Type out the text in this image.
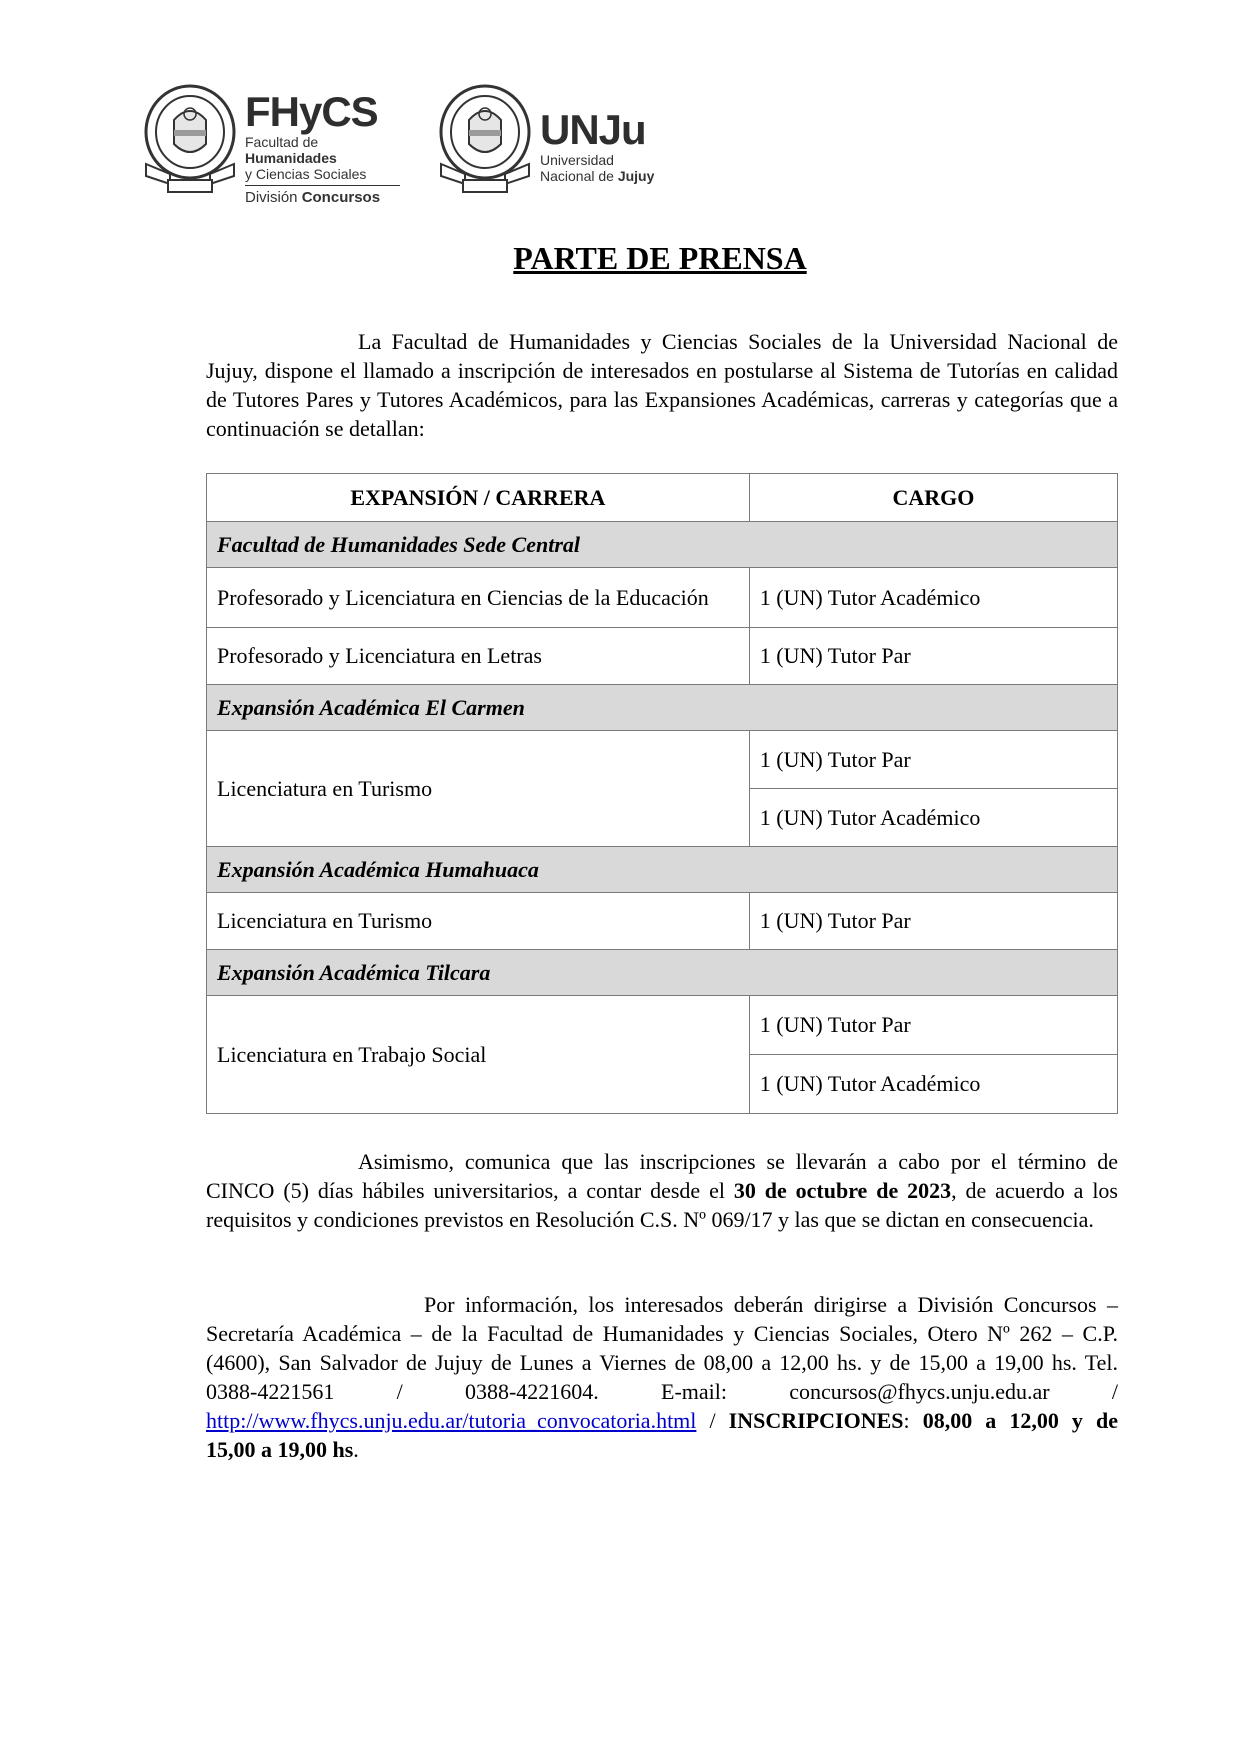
FHyCS
Facultad de Humanidades
y Ciencias Sociales
División Concursos
UNJu
Universidad
Nacional de Jujuy
PARTE DE PRENSA

La Facultad de Humanidades y Ciencias Sociales de la Universidad Nacional de Jujuy, dispone el llamado a inscripción de interesados en postularse al Sistema de Tutorías en calidad de Tutores Pares y Tutores Académicos, para las Expansiones Académicas, carreras y categorías que a continuación se detallan:

EXPANSIÓN / CARRERA	CARGO
Facultad de Humanidades Sede Central	
Profesorado y Licenciatura en Ciencias de la Educación	1 (UN) Tutor Académico
Profesorado y Licenciatura en Letras	1 (UN) Tutor Par
Expansión Académica El Carmen	
Licenciatura en Turismo	1 (UN) Tutor Par
	1 (UN) Tutor Académico
Expansión Académica Humahuaca	
Licenciatura en Turismo	1 (UN) Tutor Par
Expansión Académica Tilcara	
Licenciatura en Trabajo Social	1 (UN) Tutor Par
	1 (UN) Tutor Académico

Asimismo, comunica que las inscripciones se llevarán a cabo por el término de CINCO (5) días hábiles universitarios, a contar desde el 30 de octubre de 2023, de acuerdo a los requisitos y condiciones previstos en Resolución C.S. Nº 069/17 y las que se dictan en consecuencia.

Por información, los interesados deberán dirigirse a División Concursos – Secretaría Académica – de la Facultad de Humanidades y Ciencias Sociales, Otero Nº 262 – C.P. (4600), San Salvador de Jujuy de Lunes a Viernes de 08,00 a 12,00 hs. y de 15,00 a 19,00 hs. Tel. 0388-4221561 / 0388-4221604. E-mail: concursos@fhycs.unju.edu.ar / http://www.fhycs.unju.edu.ar/tutoria_convocatoria.html / INSCRIPCIONES: 08,00 a 12,00 y de 15,00 a 19,00 hs.
